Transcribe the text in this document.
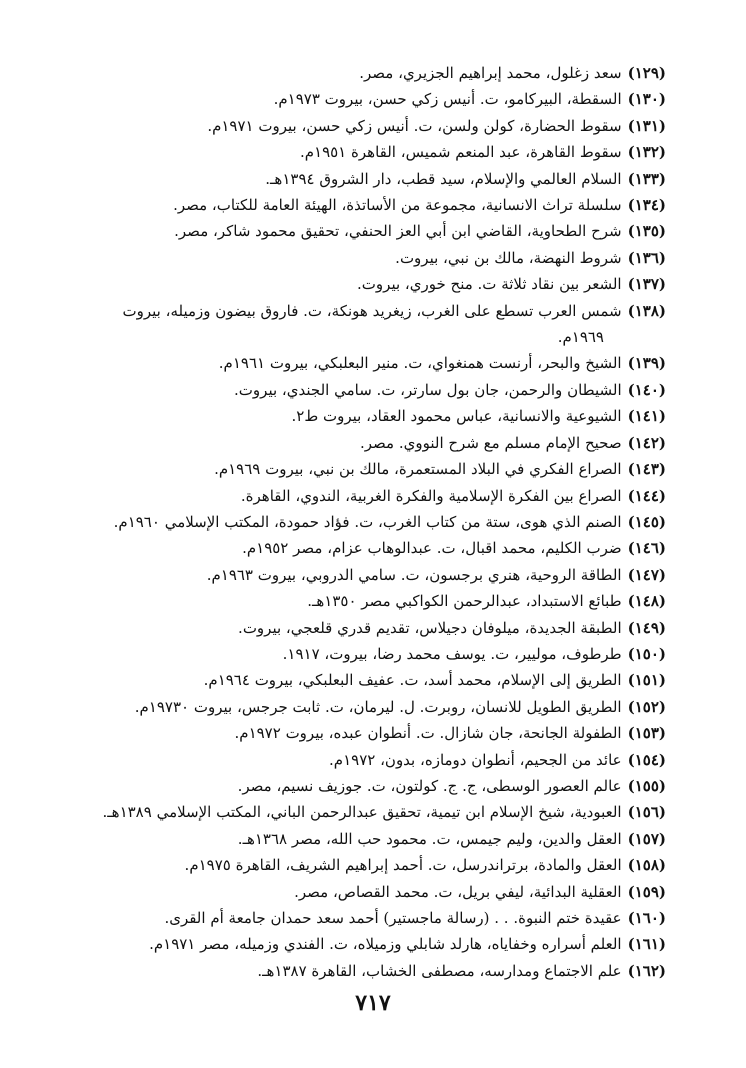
(١٢٩)سعد زغلول، محمد إبراهيم الجزيري، مصر.
(١٣٠)السقطة، البيركامو، ت. أنيس زكي حسن، بيروت ١٩٧٣م.
(١٣١)سقوط الحضارة، كولن ولسن، ت. أنيس زكي حسن، بيروت ١٩٧١م.
(١٣٢)سقوط القاهرة، عبد المنعم شميس، القاهرة ١٩٥١م.
(١٣٣)السلام العالمي والإسلام، سيد قطب، دار الشروق ١٣٩٤هـ.
(١٣٤)سلسلة تراث الانسانية، مجموعة من الأساتذة، الهيئة العامة للكتاب، مصر.
(١٣٥)شرح الطحاوية، القاضي ابن أبي العز الحنفي، تحقيق محمود شاكر، مصر.
(١٣٦)شروط النهضة، مالك بن نبي، بيروت.
(١٣٧)الشعر بين نقاد ثلاثة ت. منح خوري، بيروت.
(١٣٨)شمس العرب تسطع على الغرب، زيغريد هونكة، ت. فاروق بيضون وزميله، بيروت
١٩٦٩م.
(١٣٩)الشيخ والبحر، أرنست همنغواي، ت. منير البعلبكي، بيروت ١٩٦١م.
(١٤٠)الشيطان والرحمن، جان بول سارتر، ت. سامي الجندي، بيروت.
(١٤١)الشيوعية والانسانية، عباس محمود العقاد، بيروت ط٢.
(١٤٢)صحيح الإمام مسلم مع شرح النووي. مصر.
(١٤٣)الصراع الفكري في البلاد المستعمرة، مالك بن نبي، بيروت ١٩٦٩م.
(١٤٤)الصراع بين الفكرة الإسلامية والفكرة الغربية، الندوي، القاهرة.
(١٤٥)الصنم الذي هوى، ستة من كتاب الغرب، ت. فؤاد حمودة، المكتب الإسلامي ١٩٦٠م.
(١٤٦)ضرب الكليم، محمد اقبال، ت. عبدالوهاب عزام، مصر ١٩٥٢م.
(١٤٧)الطاقة الروحية، هنري برجسون، ت. سامي الدروبي، بيروت ١٩٦٣م.
(١٤٨)طبائع الاستبداد، عبدالرحمن الكواكبي مصر ١٣٥٠هـ.
(١٤٩)الطبقة الجديدة، ميلوفان دجيلاس، تقديم قدري قلعجي، بيروت.
(١٥٠)طرطوف، موليير، ت. يوسف محمد رضا، بيروت، ١٩١٧.
(١٥١)الطريق إلى الإسلام، محمد أسد، ت. عفيف البعلبكي، بيروت ١٩٦٤م.
(١٥٢)الطريق الطويل للانسان، روبرت. ل. ليرمان، ت. ثابت جرجس، بيروت ١٩٧٣٠م.
(١٥٣)الطفولة الجانحة، جان شازال. ت. أنطوان عبده، بيروت ١٩٧٢م.
(١٥٤)عائد من الجحيم، أنطوان دومازه، بدون، ١٩٧٢م.
(١٥٥)عالم العصور الوسطى، ج. ج. كولتون، ت. جوزيف نسيم، مصر.
(١٥٦)العبودية، شيخ الإسلام ابن تيمية، تحقيق عبدالرحمن الباني، المكتب الإسلامي ١٣٨٩هـ.
(١٥٧)العقل والدين، وليم جيمس، ت. محمود حب الله، مصر ١٣٦٨هـ.
(١٥٨)العقل والمادة، برتراندرسل، ت. أحمد إبراهيم الشريف، القاهرة ١٩٧٥م.
(١٥٩)العقلية البدائية، ليفي بريل، ت. محمد القصاص، مصر.
(١٦٠)عقيدة ختم النبوة. . . (رسالة ماجستير) أحمد سعد حمدان جامعة أم القرى.
(١٦١)العلم أسراره وخفاياه، هارلد شابلي وزميلاه، ت. الفندي وزميله، مصر ١٩٧١م.
(١٦٢)علم الاجتماع ومدارسه، مصطفى الخشاب، القاهرة ١٣٨٧هـ.
٧١٧
